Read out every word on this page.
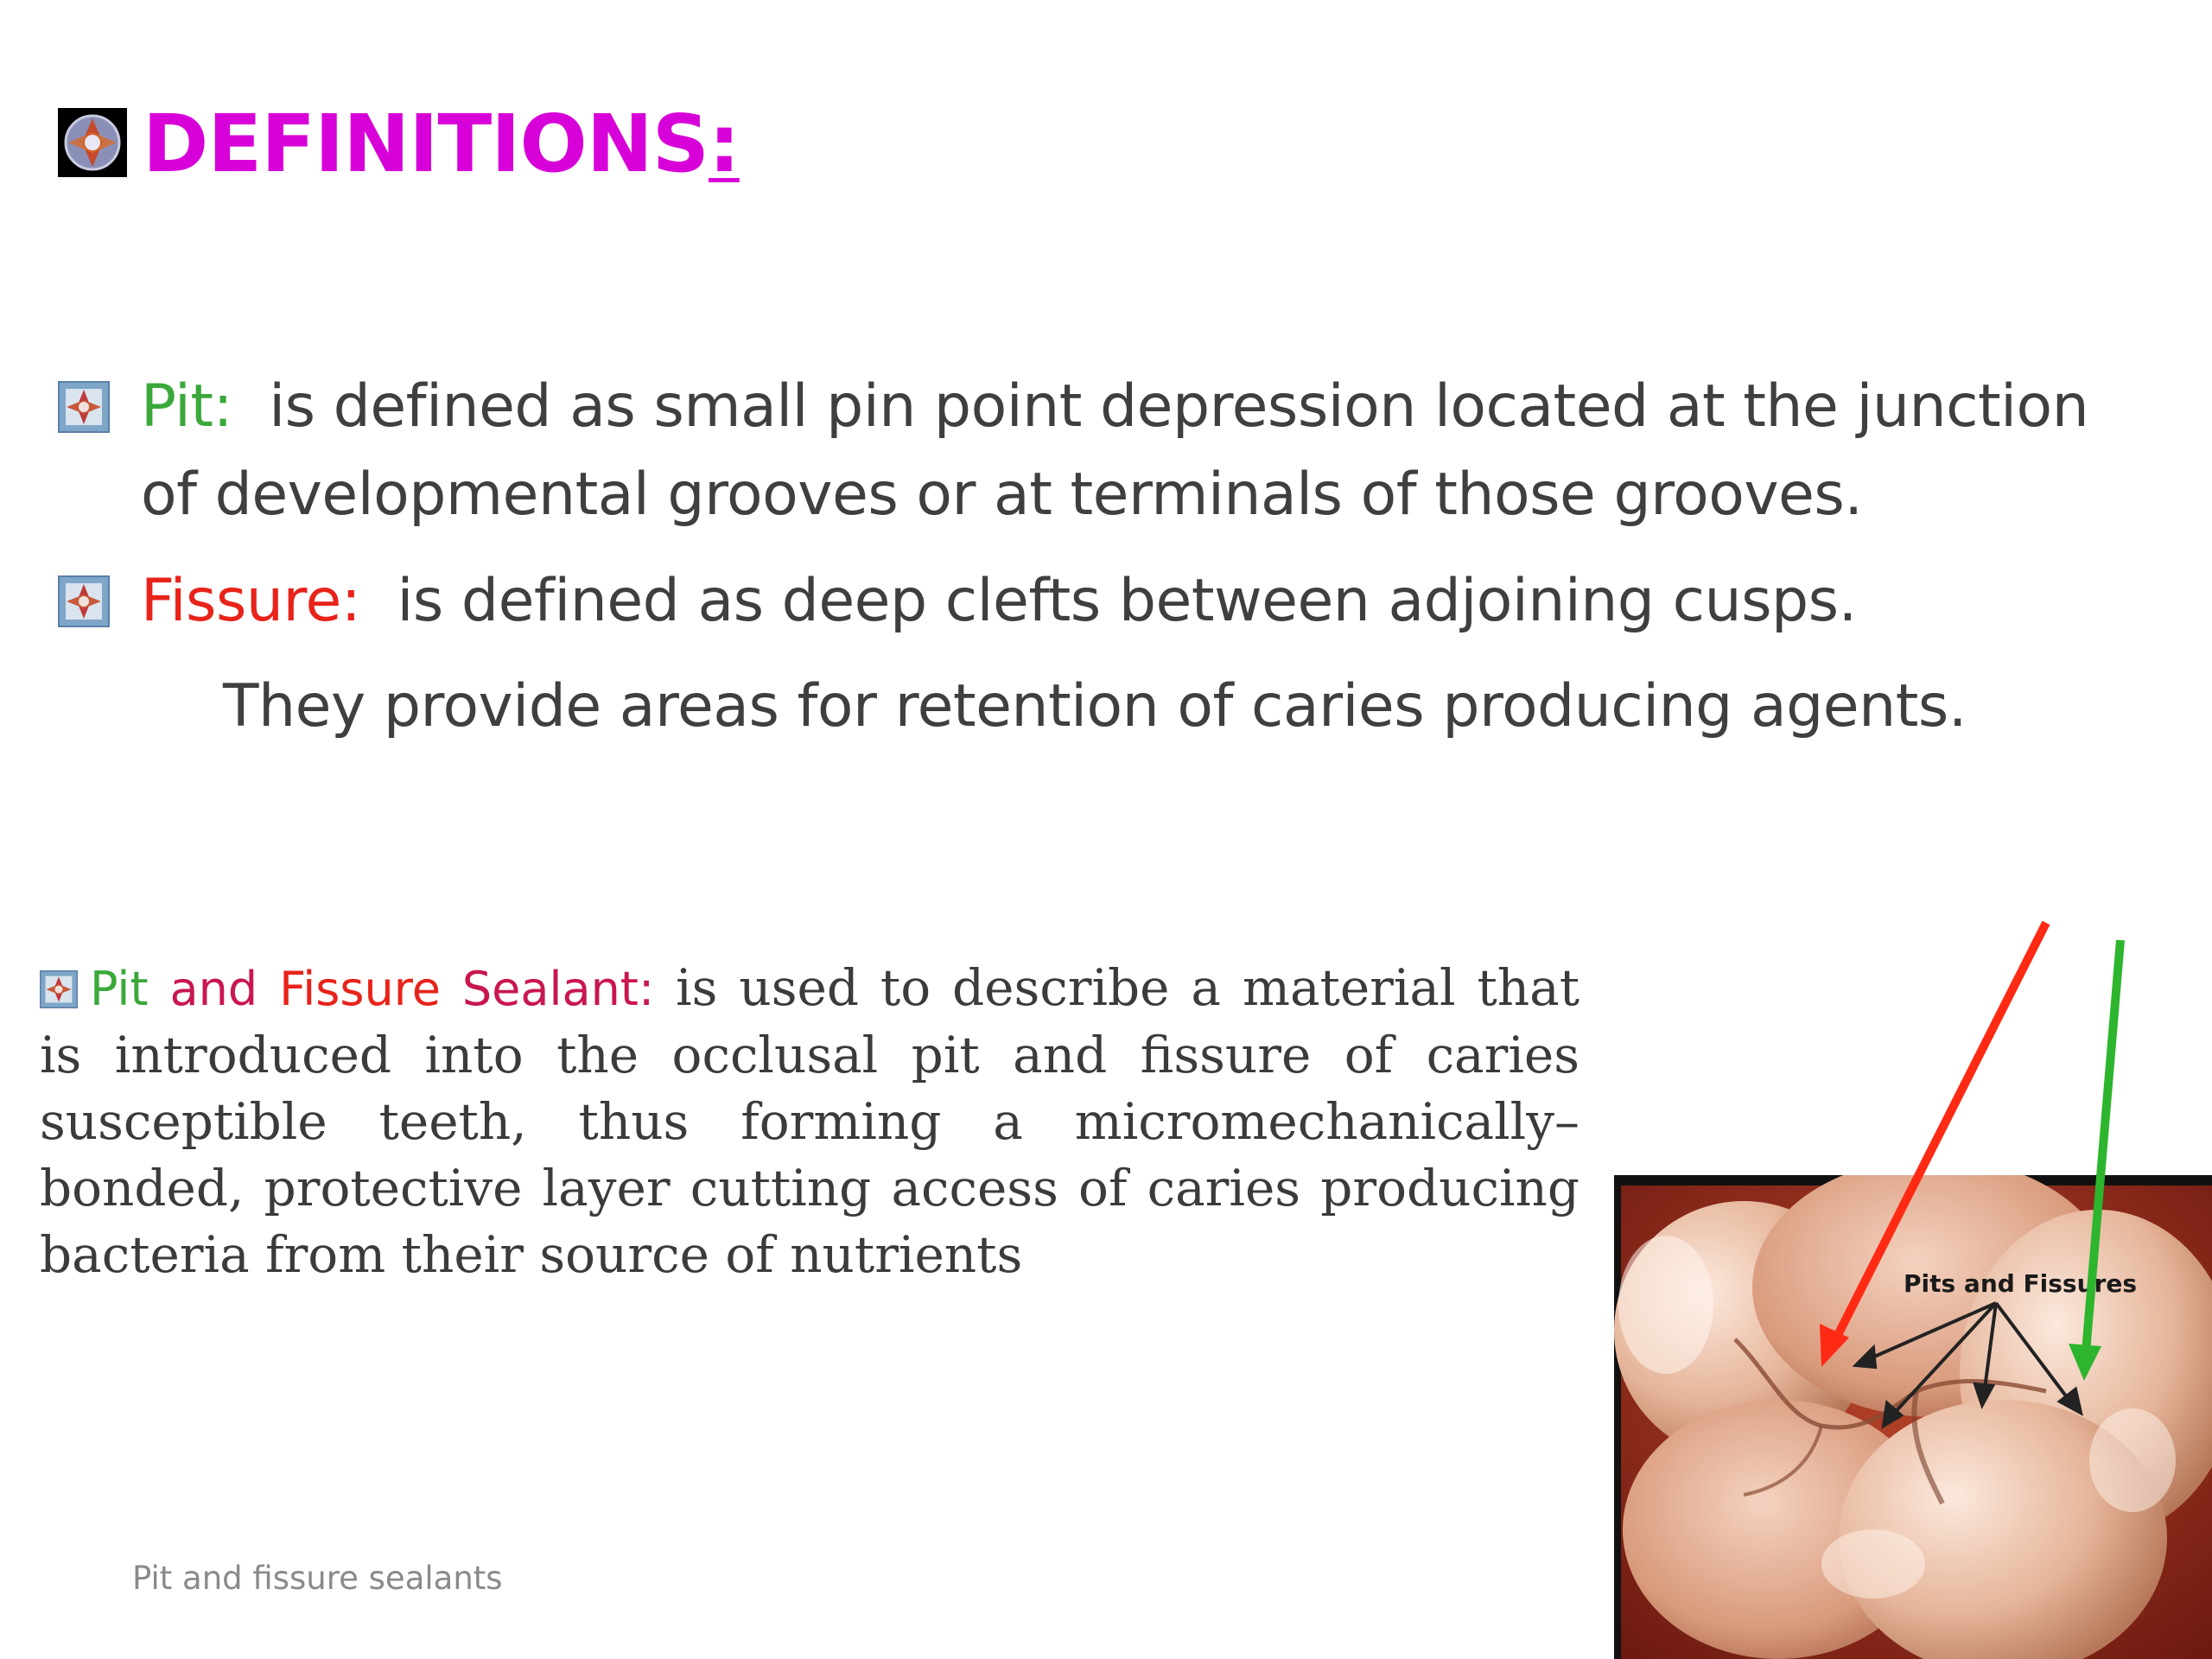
DEFINITIONS:
Pit:  is defined as small pin point depression located at the junction
of developmental grooves or at terminals of those grooves.
Fissure:  is defined as deep clefts between adjoining cusps.
They provide areas for retention of caries producing agents.

Pit and Fissure Sealant: is used to describe a material that is introduced into the occlusal pit and fissure of caries susceptible teeth, thus forming a micromechanically–bonded, protective layer cutting access of caries producing bacteria from their source of nutrients

Pit and fissure sealants
Pits and Fissures
